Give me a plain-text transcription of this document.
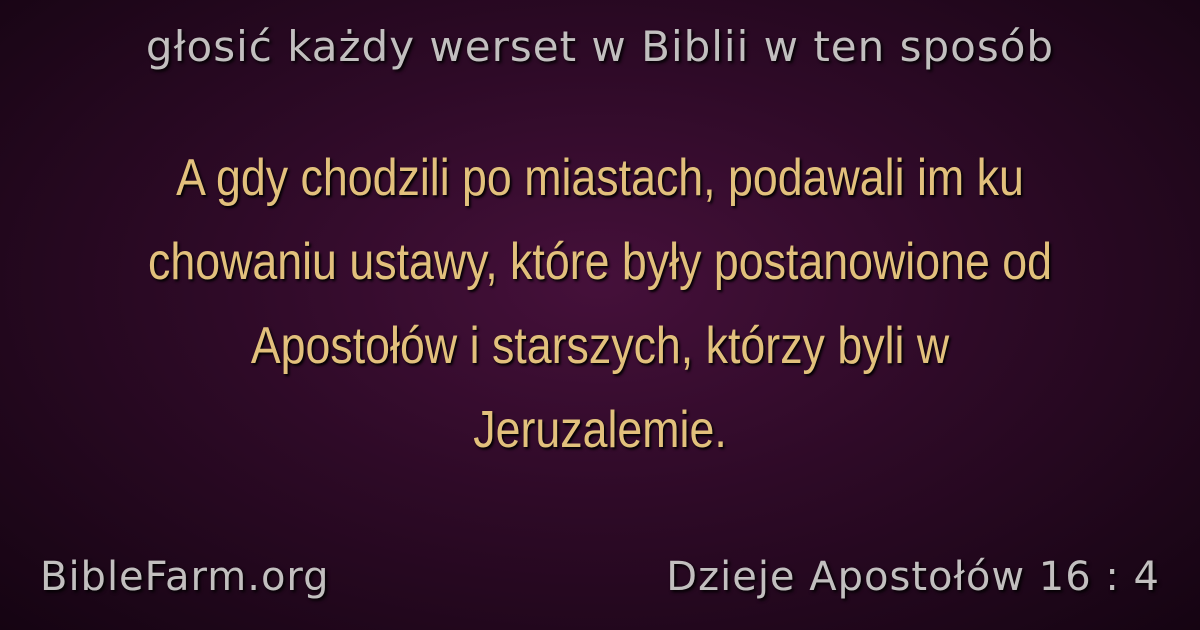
głosić każdy werset w Biblii w ten sposób
A gdy chodzili po miastach, podawali im ku chowaniu ustawy, które były postanowione od Apostołów i starszych, którzy byli w Jeruzalemie.
BibleFarm.org	Dzieje Apostołów 16 : 4
